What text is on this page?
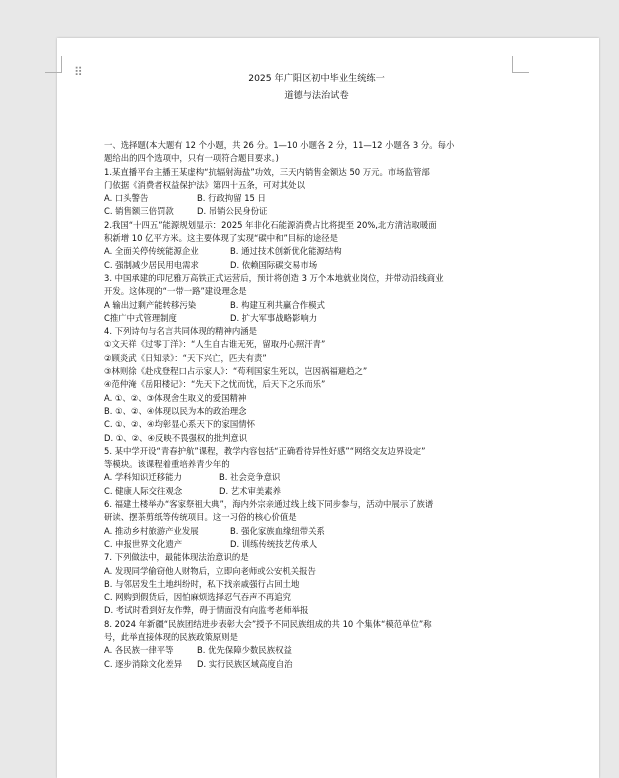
⠿	2025 年广阳区初中毕业生统练一
道德与法治试卷
一、选择题(本大题有 12 个小题，共 26 分。1—10 小题各 2 分，11—12 小题各 3 分。每小
题给出的四个选项中，只有一项符合题目要求。)
1.某直播平台主播王某虚构“抗辐射海盐”功效，三天内销售金额达 50 万元。市场监管部
门依据《消费者权益保护法》第四十五条，可对其处以
A. 口头警告	B. 行政拘留 15 日
C. 销售额三倍罚款	D. 吊销公民身份证
2.我国“十四五”能源规划显示：2025 年非化石能源消费占比将提至 20%,北方清洁取暖面
积新增 10 亿平方米。这主要体现了实现“碳中和”目标的途径是
A. 全面关停传统能源企业	B. 通过技术创新优化能源结构
C. 强制减少居民用电需求	D. 依赖国际碳交易市场
3. 中国承建的印尼雅万高铁正式运营后，预计将创造 3 万个本地就业岗位，并带动沿线商业
开发。这体现的“一带一路”建设理念是
A 输出过剩产能转移污染	B. 构建互利共赢合作模式
C推广中式管理制度	D. 扩大军事战略影响力
4. 下列诗句与名言共同体现的精神内涵是
①文天祥《过零丁洋》：“人生自古谁无死，留取丹心照汗青”
②顾炎武《日知录》：“天下兴亡，匹夫有责”
③林则徐《赴戍登程口占示家人》：“苟利国家生死以，岂因祸福避趋之”
④范仲淹《岳阳楼记》：“先天下之忧而忧，后天下之乐而乐”
A. ①、②、③体现舍生取义的爱国精神
B. ①、②、④体现以民为本的政治理念
C. ①、②、④均彰显心系天下的家国情怀
D. ①、②、④反映不畏强权的批判意识
5. 某中学开设“青春护航”课程，教学内容包括“正确看待异性好感”“网络交友边界设定”
等模块。该课程着重培养青少年的
A. 学科知识迁移能力	B. 社会竞争意识
C. 健康人际交往观念	D. 艺术审美素养
6. 福建土楼举办“客家祭祖大典”，海内外宗亲通过线上线下同步参与，活动中展示了族谱
研读、摆茶剪纸等传统项目。这一习俗的核心价值是
A. 推动乡村旅游产业发展	B. 强化家族血缘纽带关系
C. 申报世界文化遗产	D. 训练传统技艺传承人
7. 下列做法中，最能体现法治意识的是
A. 发现同学偷窃他人财物后，立即向老师或公安机关报告
B. 与邻居发生土地纠纷时，私下找亲戚强行占回土地
C. 网购到假货后，因怕麻烦选择忍气吞声不再追究
D. 考试时看到好友作弊，碍于情面没有向监考老师举报
8. 2024 年新疆“民族团结进步表彰大会”授予不同民族组成的共 10 个集体“模范单位”称
号，此举直接体现的民族政策原则是
A. 各民族一律平等	B. 优先保障少数民族权益
C. 逐步消除文化差异 D. 实行民族区域高度自治
